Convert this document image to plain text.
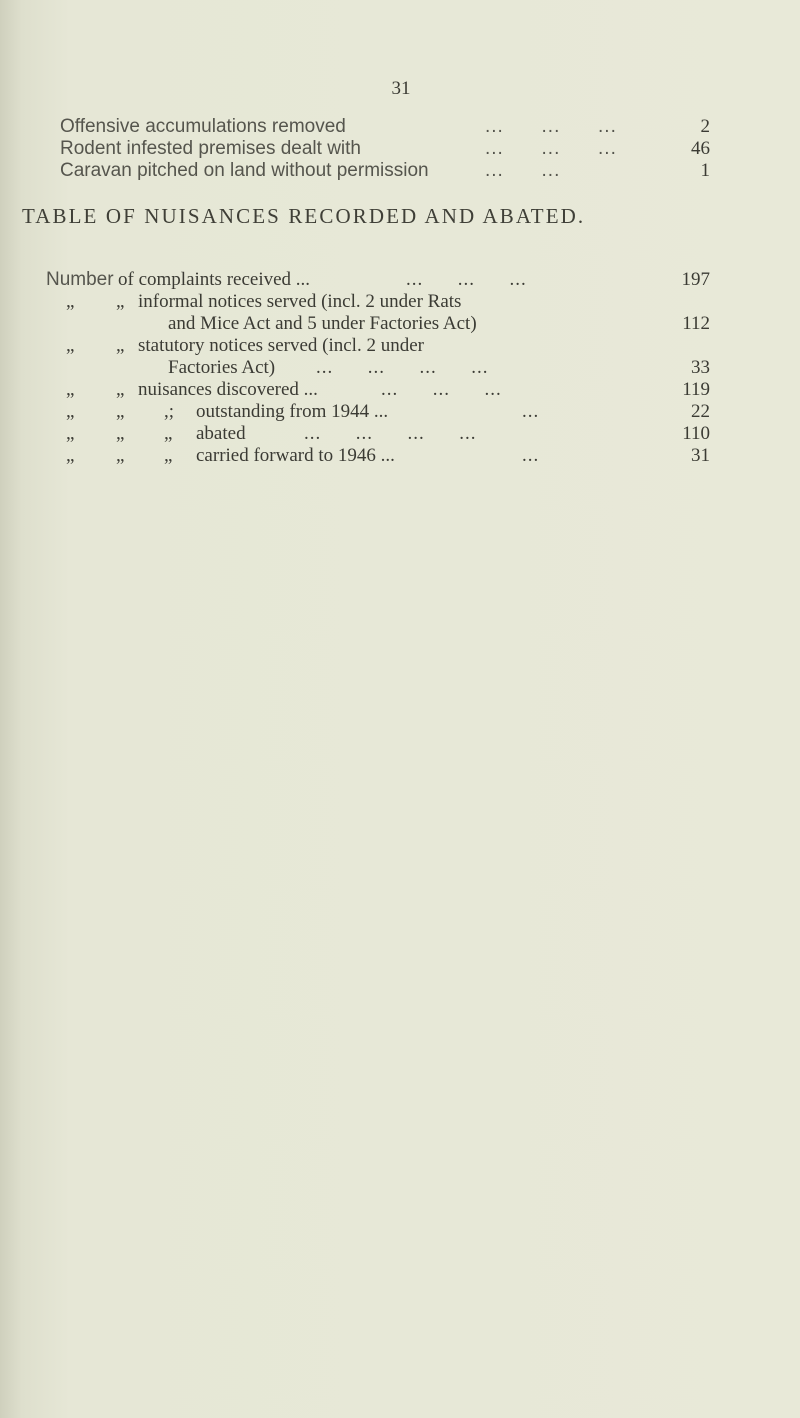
31
Offensive accumulations removed	...      ...      ...	2
Rodent infested premises dealt with	...      ...      ...	46
Caravan pitched on land without permission	...      ...	1
TABLE OF NUISANCES RECORDED AND ABATED.
Number of complaints received ...	...      ...      ...	197
„ „ informal notices served (incl. 2 under Rats
and Mice Act and 5 under Factories Act)	112
„ „ statutory notices served (incl. 2 under
Factories Act) ...      ...      ...      ...	33
„ „ nuisances discovered ...	...      ...      ...	119
„ „ ,; outstanding from 1944 ...	...	22
„ „ „ abated	...      ...      ...      ...	110
„ „ „ carried forward to 1946 ...	...	31
